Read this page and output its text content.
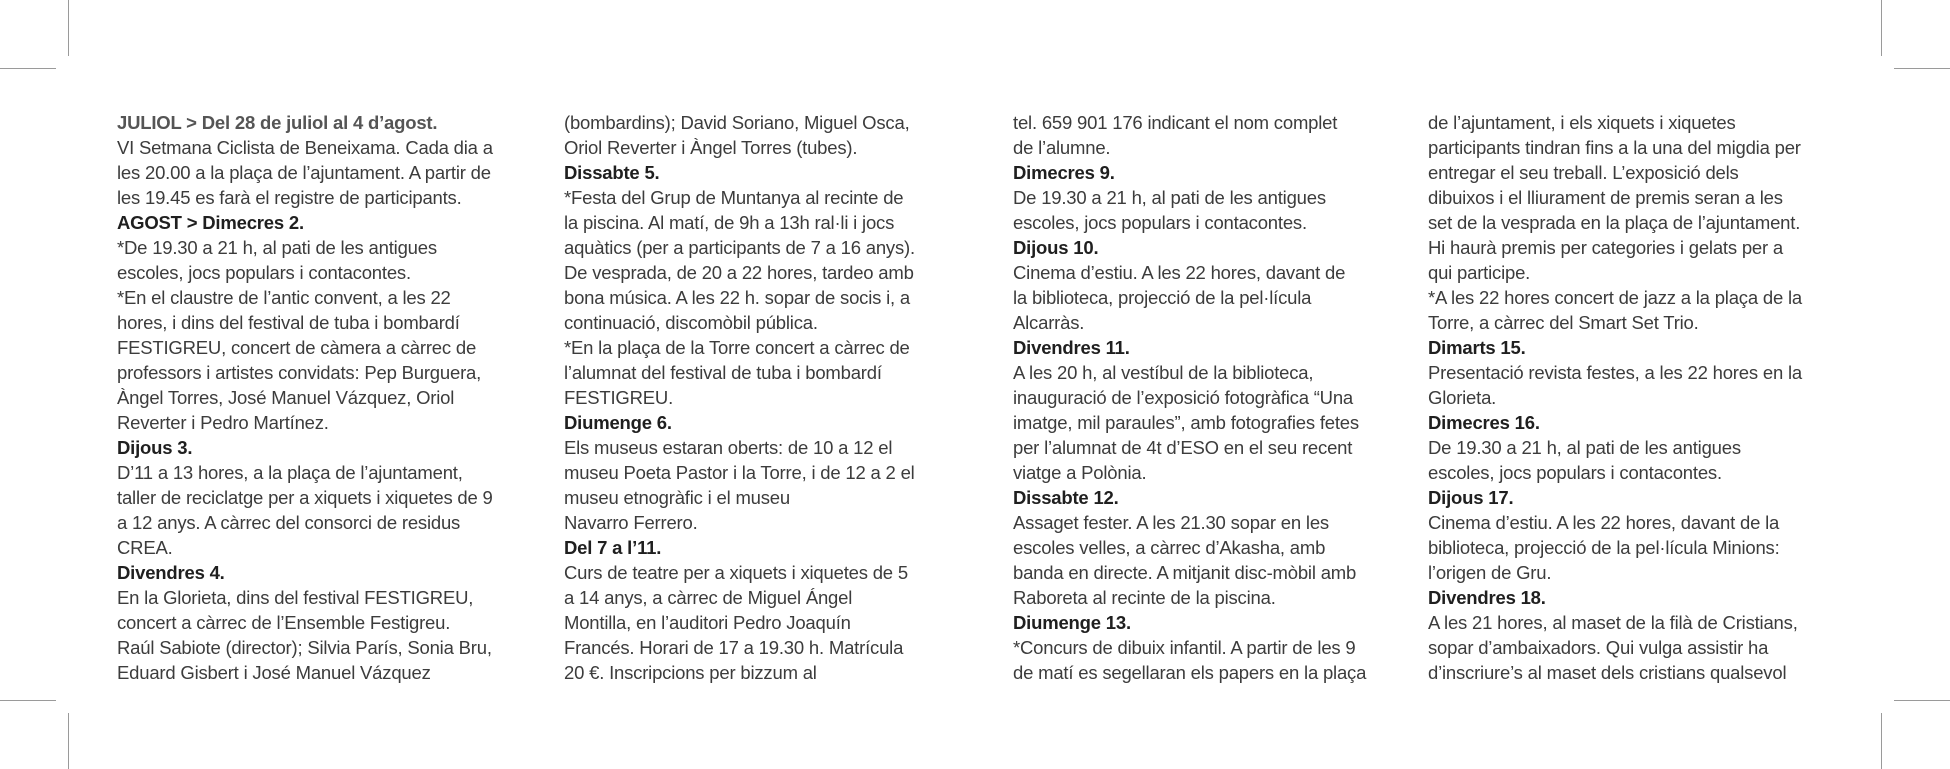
JULIOL > Del 28 de juliol al 4 d’agost.

VI Setmana Ciclista de Beneixama. Cada dia a

les 20.00 a la plaça de l’ajuntament. A partir de

les 19.45 es farà el registre de participants.

AGOST > Dimecres 2.

*De 19.30 a 21 h, al pati de les antigues

escoles, jocs populars i contacontes.

*En el claustre de l’antic convent, a les 22

hores, i dins del festival de tuba i bombardí

FESTIGREU, concert de càmera a càrrec de

professors i artistes convidats: Pep Burguera,

Àngel Torres, José Manuel Vázquez, Oriol

Reverter i Pedro Martínez.

Dijous 3.

D’11 a 13 hores, a la plaça de l’ajuntament,

taller de reciclatge per a xiquets i xiquetes de 9

a 12 anys. A càrrec del consorci de residus

CREA.

Divendres 4.

En la Glorieta, dins del festival FESTIGREU,

concert a càrrec de l’Ensemble Festigreu.

Raúl Sabiote (director); Silvia París, Sonia Bru,

Eduard Gisbert i José Manuel Vázquez

(bombardins); David Soriano, Miguel Osca,

Oriol Reverter i Àngel Torres (tubes).

Dissabte 5.

*Festa del Grup de Muntanya al recinte de

la piscina. Al matí, de 9h a 13h ral·li i jocs

aquàtics (per a participants de 7 a 16 anys).

De vesprada, de 20 a 22 hores, tardeo amb

bona música. A les 22 h. sopar de socis i, a

continuació, discomòbil pública.

*En la plaça de la Torre concert a càrrec de

l’alumnat del festival de tuba i bombardí

FESTIGREU.

Diumenge 6.

Els museus estaran oberts: de 10 a 12 el

museu Poeta Pastor i la Torre, i de 12 a 2 el

museu etnogràfic i el museu

Navarro Ferrero.

Del 7 a l’11.

Curs de teatre per a xiquets i xiquetes de 5

a 14 anys, a càrrec de Miguel Ángel

Montilla, en l’auditori Pedro Joaquín

Francés. Horari de 17 a 19.30 h. Matrícula

20 €. Inscripcions per bizzum al

tel. 659 901 176 indicant el nom complet

de l’alumne.

Dimecres 9.

De 19.30 a 21 h, al pati de les antigues

escoles, jocs populars i contacontes.

Dijous 10.

Cinema d’estiu. A les 22 hores, davant de

la biblioteca, projecció de la pel·lícula

Alcarràs.

Divendres 11.

A les 20 h, al vestíbul de la biblioteca,

inauguració de l’exposició fotogràfica “Una

imatge, mil paraules”, amb fotografies fetes

per l’alumnat de 4t d’ESO en el seu recent

viatge a Polònia.

Dissabte 12.

Assaget fester. A les 21.30 sopar en les

escoles velles, a càrrec d’Akasha, amb

banda en directe. A mitjanit disc-mòbil amb

Raboreta al recinte de la piscina.

Diumenge 13.

*Concurs de dibuix infantil. A partir de les 9

de matí es segellaran els papers en la plaça

de l’ajuntament, i els xiquets i xiquetes

participants tindran fins a la una del migdia per

entregar el seu treball. L’exposició dels

dibuixos i el lliurament de premis seran a les

set de la vesprada en la plaça de l’ajuntament.

Hi haurà premis per categories i gelats per a

qui participe.

*A les 22 hores concert de jazz a la plaça de la

Torre, a càrrec del Smart Set Trio.

Dimarts 15.

Presentació revista festes, a les 22 hores en la

Glorieta.

Dimecres 16.

De 19.30 a 21 h, al pati de les antigues

escoles, jocs populars i contacontes.

Dijous 17.

Cinema d’estiu. A les 22 hores, davant de la

biblioteca, projecció de la pel·lícula Minions:

l’origen de Gru.

Divendres 18.

A les 21 hores, al maset de la filà de Cristians,

sopar d’ambaixadors. Qui vulga assistir ha

d’inscriure’s al maset dels cristians qualsevol
